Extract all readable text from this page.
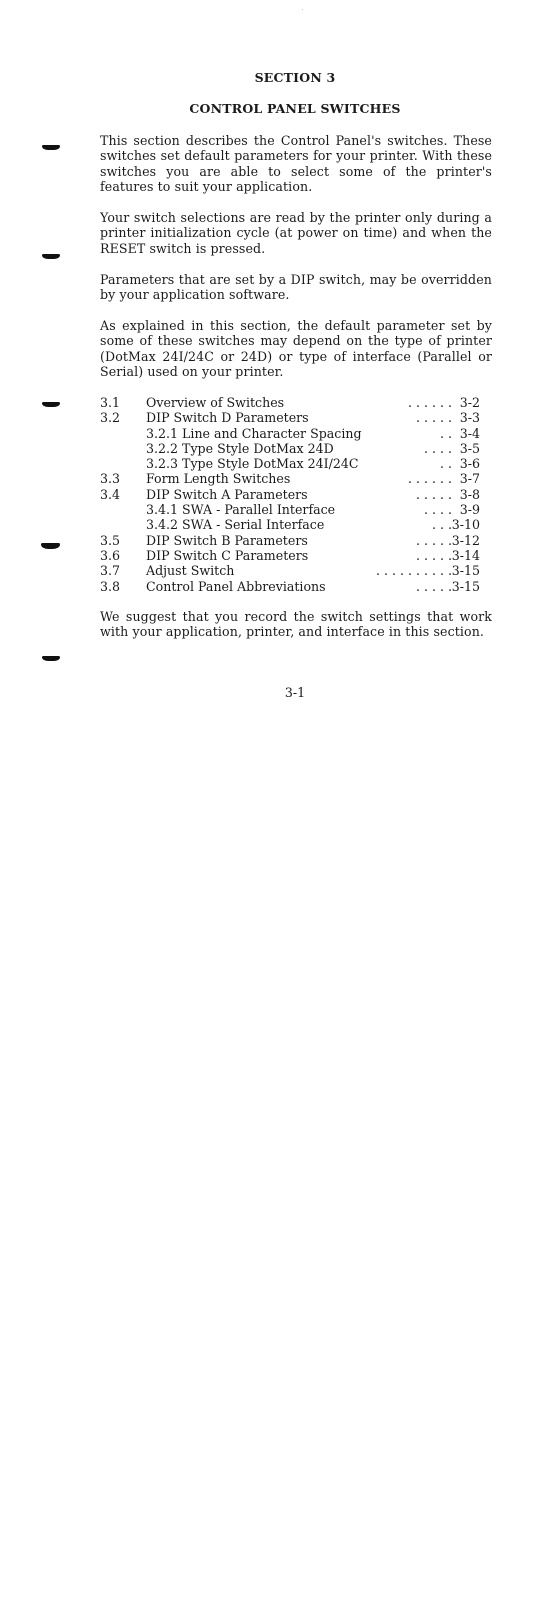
SECTION 3
CONTROL PANEL SWITCHES
This section describes the Control Panel's switches. These switches set default parameters for your printer. With these switches you are able to select some of the printer's features to suit your application.
Your switch selections are read by the printer only during a printer initialization cycle (at power on time) and when the RESET switch is pressed.
Parameters that are set by a DIP switch, may be overridden by your application software.
As explained in this section, the default parameter set by some of these switches may depend on the type of printer (DotMax 24I/24C or 24D) or type of interface (Parallel or Serial) used on your printer.
3.1 Overview of Switches	. . . . . . 3-2
3.2 DIP Switch D Parameters	. . . . . 3-3
3.2.1 Line and Character Spacing	. . 3-4
3.2.2 Type Style DotMax 24D	. . . . 3-5
3.2.3 Type Style DotMax 24I/24C	. . 3-6
3.3 Form Length Switches	. . . . . . 3-7
3.4 DIP Switch A Parameters	. . . . . 3-8
3.4.1 SWA - Parallel Interface	. . . . 3-9
3.4.2 SWA - Serial Interface	. . . 3-10
3.5 DIP Switch B Parameters	. . . . . 3-12
3.6 DIP Switch C Parameters	. . . . . 3-14
3.7 Adjust Switch	. . . . . . . . . . 3-15
3.8 Control Panel Abbreviations	. . . . . 3-15
We suggest that you record the switch settings that work with your application, printer, and interface in this section.
3-1
